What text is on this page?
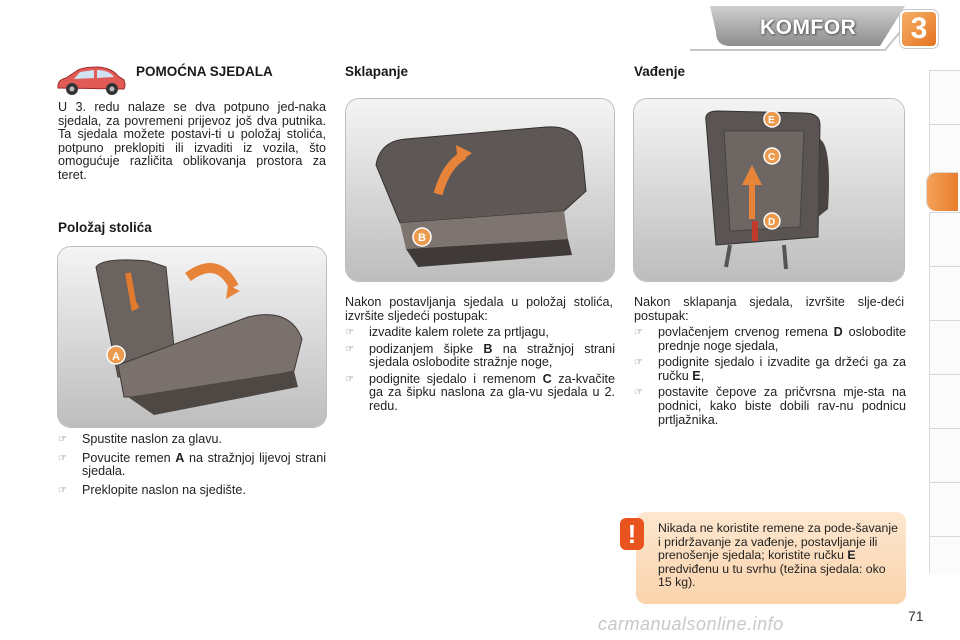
KOMFOR	3
POMOĆNA SJEDALA
U 3. redu nalaze se dva potpuno jed-naka sjedala, za povremeni prijevoz još dva putnika. Ta sjedala možete postavi-ti u položaj stolića, potpuno preklopiti ili izvaditi iz vozila, što omogućuje različita oblikovanja prostora za teret.
Položaj stolića
A
☞	Spustite naslon za glavu.
☞	Povucite remen A na stražnjoj lijevoj strani sjedala.
☞	Preklopite naslon na sjedište.
Sklapanje
B
Nakon postavljanja sjedala u položaj stolića, izvršite sljedeći postupak:
☞	izvadite kalem rolete za prtljagu,
☞	podizanjem šipke B na stražnjoj strani sjedala oslobodite stražnje noge,
☞	podignite sjedalo i remenom C za-kvačite ga za šipku naslona za gla-vu sjedala u 2. redu.
Vađenje
E
C
D
Nakon sklapanja sjedala, izvršite slje-deći postupak:
☞	povlačenjem crvenog remena D oslobodite prednje noge sjedala,
☞	podignite sjedalo i izvadite ga držeći ga za ručku E,
☞	postavite čepove za pričvrsna mje-sta na podnici, kako biste dobili rav-nu podnicu prtljažnika.
!	Nikada ne koristite remene za pode-šavanje i pridržavanje za vađenje, postavljanje ili prenošenje sjedala; koristite ručku E predviđenu u tu svrhu (težina sjedala: oko 15 kg).
carmanualsonline.info	71
